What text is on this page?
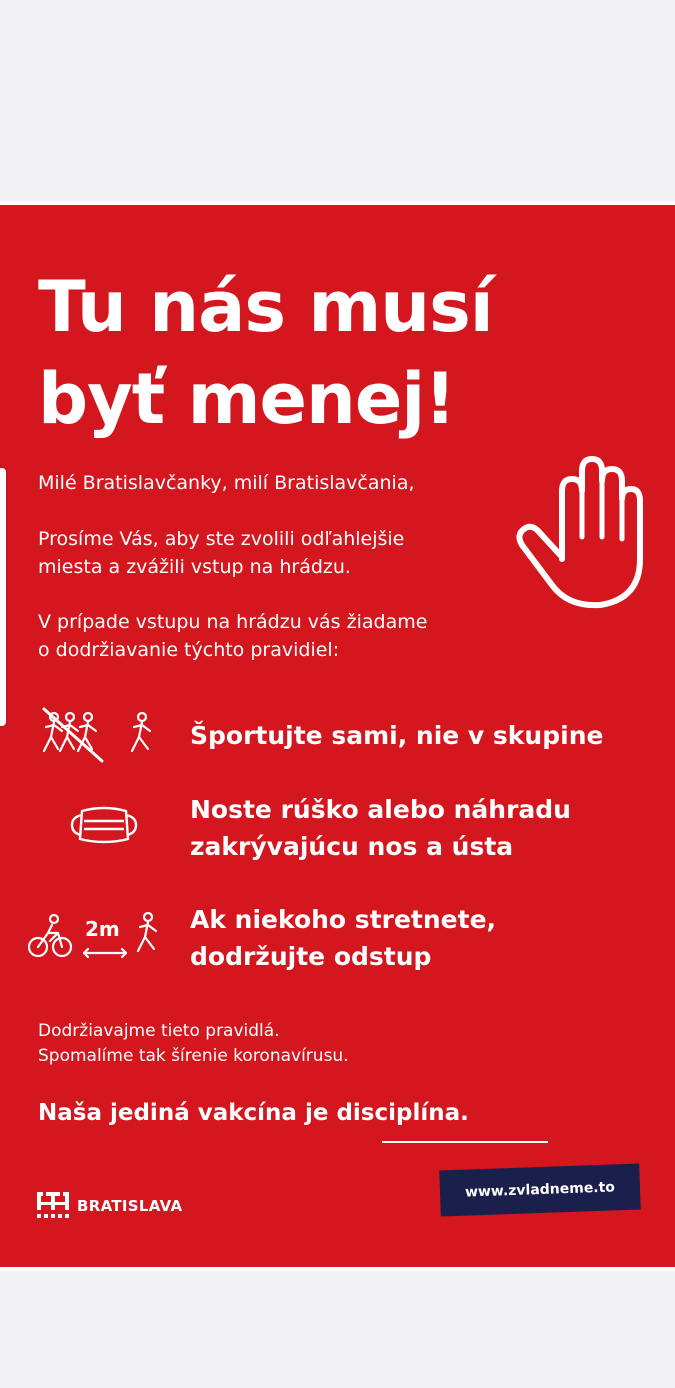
Tu nás musí
byť menej!

Milé Bratislavčanky, milí Bratislavčania,

Prosíme Vás, aby ste zvolili odľahlejšie
miesta a zvážili vstup na hrádzu.

V prípade vstupu na hrádzu vás žiadame
o dodržiavanie týchto pravidiel:

Športujte sami, nie v skupine
Noste rúško alebo náhradu
zakrývajúcu nos a ústa
2m	Ak niekoho stretnete,
dodržujte odstup

Dodržiavajme tieto pravidlá.
Spomalíme tak šírenie koronavírusu.

Naša jediná vakcína je disciplína.

BRATISLAVA
www.zvladneme.to
